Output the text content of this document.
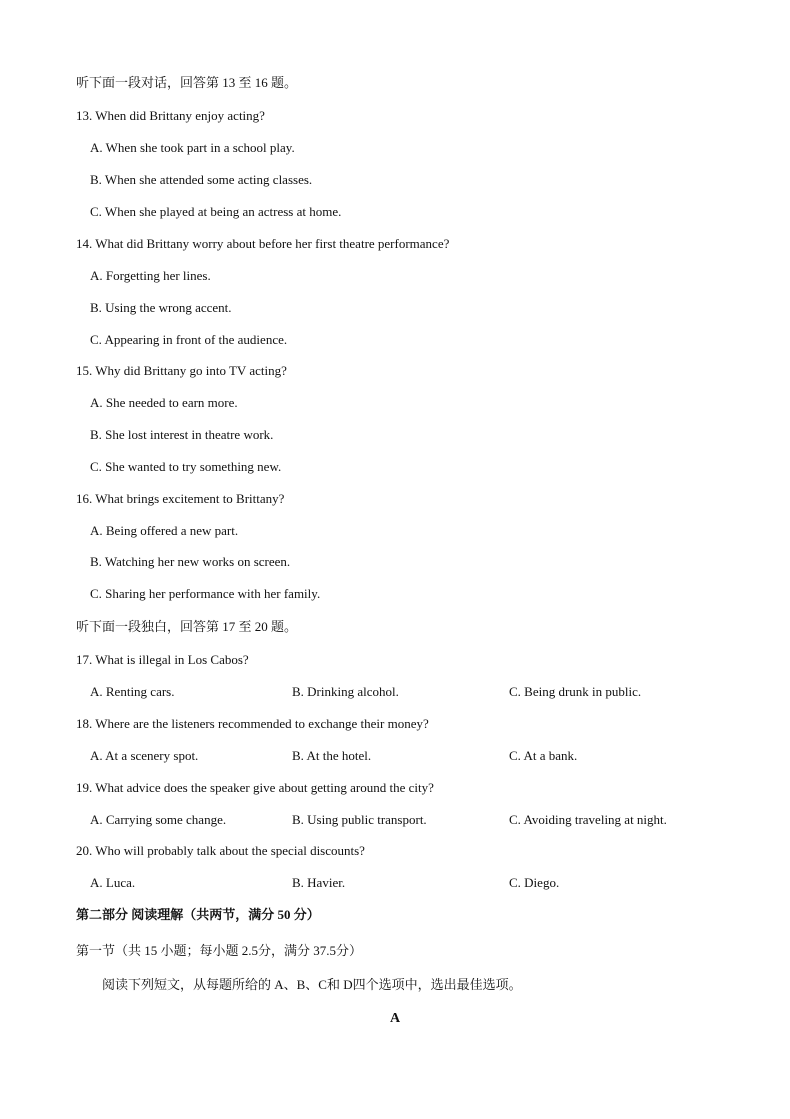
听下面一段对话，回答第 13 至 16 题。
13. When did Brittany enjoy acting?
A. When she took part in a school play.
B. When she attended some acting classes.
C. When she played at being an actress at home.
14. What did Brittany worry about before her first theatre performance?
A. Forgetting her lines.
B. Using the wrong accent.
C. Appearing in front of the audience.
15. Why did Brittany go into TV acting?
A. She needed to earn more.
B. She lost interest in theatre work.
C. She wanted to try something new.
16. What brings excitement to Brittany?
A. Being offered a new part.
B. Watching her new works on screen.
C. Sharing her performance with her family.
听下面一段独白，回答第 17 至 20 题。
17. What is illegal in Los Cabos?
A. Renting cars.	B. Drinking alcohol.	C. Being drunk in public.
18. Where are the listeners recommended to exchange their money?
A. At a scenery spot.	B. At the hotel.	C. At a bank.
19. What advice does the speaker give about getting around the city?
A. Carrying some change.	B. Using public transport.	C. Avoiding traveling at night.
20. Who will probably talk about the special discounts?
A. Luca.	B. Havier.	C. Diego.
第二部分 阅读理解（共两节，满分 50 分）
第一节（共 15 小题；每小题 2.5分，满分 37.5分）
阅读下列短文，从每题所给的 A、B、C和 D四个选项中，选出最佳选项。
A
